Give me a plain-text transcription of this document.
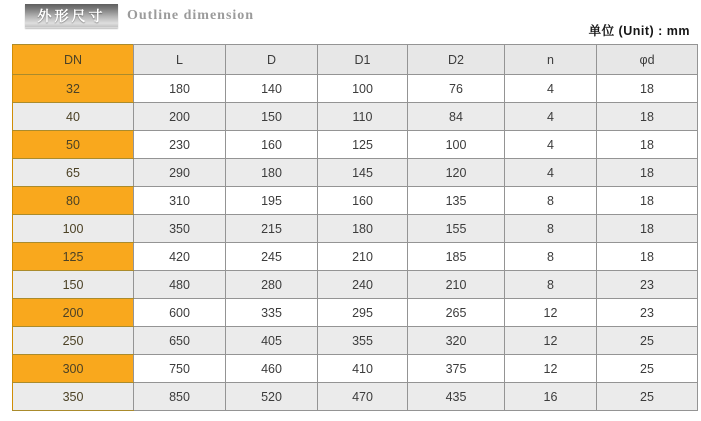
外形尺寸 Outline dimension
单位 (Unit) : mm
DN	L	D	D1	D2	n	φd
32	180	140	100	76	4	18
40	200	150	110	84	4	18
50	230	160	125	100	4	18
65	290	180	145	120	4	18
80	310	195	160	135	8	18
100	350	215	180	155	8	18
125	420	245	210	185	8	18
150	480	280	240	210	8	23
200	600	335	295	265	12	23
250	650	405	355	320	12	25
300	750	460	410	375	12	25
350	850	520	470	435	16	25
